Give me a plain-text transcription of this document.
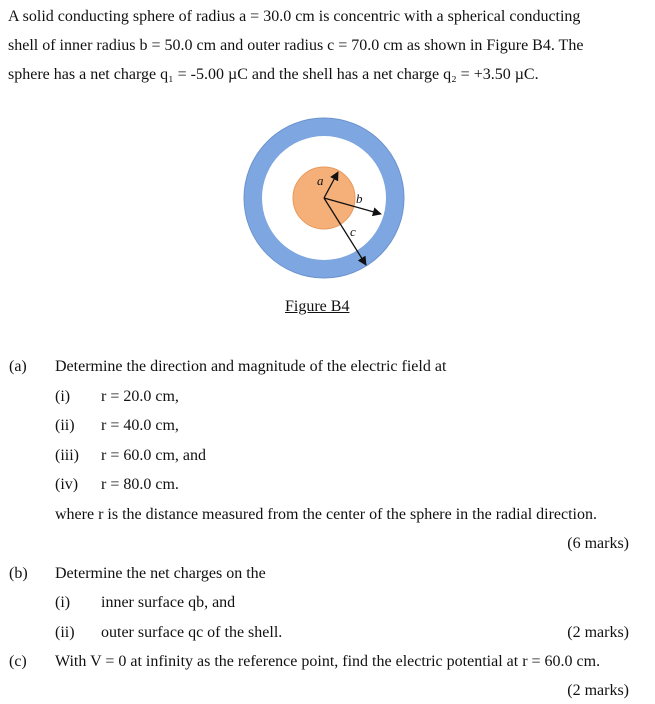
A solid conducting sphere of radius a = 30.0 cm is concentric with a spherical conducting
shell of inner radius b = 50.0 cm and outer radius c = 70.0 cm as shown in Figure B4. The
sphere has a net charge q₁ = -5.00 µC and the shell has a net charge q₂ = +3.50 µC.
a
b
c
Figure B4
(a) Determine the direction and magnitude of the electric field at
(i) r = 20.0 cm,
(ii) r = 40.0 cm,
(iii) r = 60.0 cm, and
(iv) r = 80.0 cm.
where r is the distance measured from the center of the sphere in the radial direction.
(6 marks)
(b) Determine the net charges on the
(i) inner surface qb, and
(ii) outer surface qc of the shell.	(2 marks)
(c) With V = 0 at infinity as the reference point, find the electric potential at r = 60.0 cm.
(2 marks)
